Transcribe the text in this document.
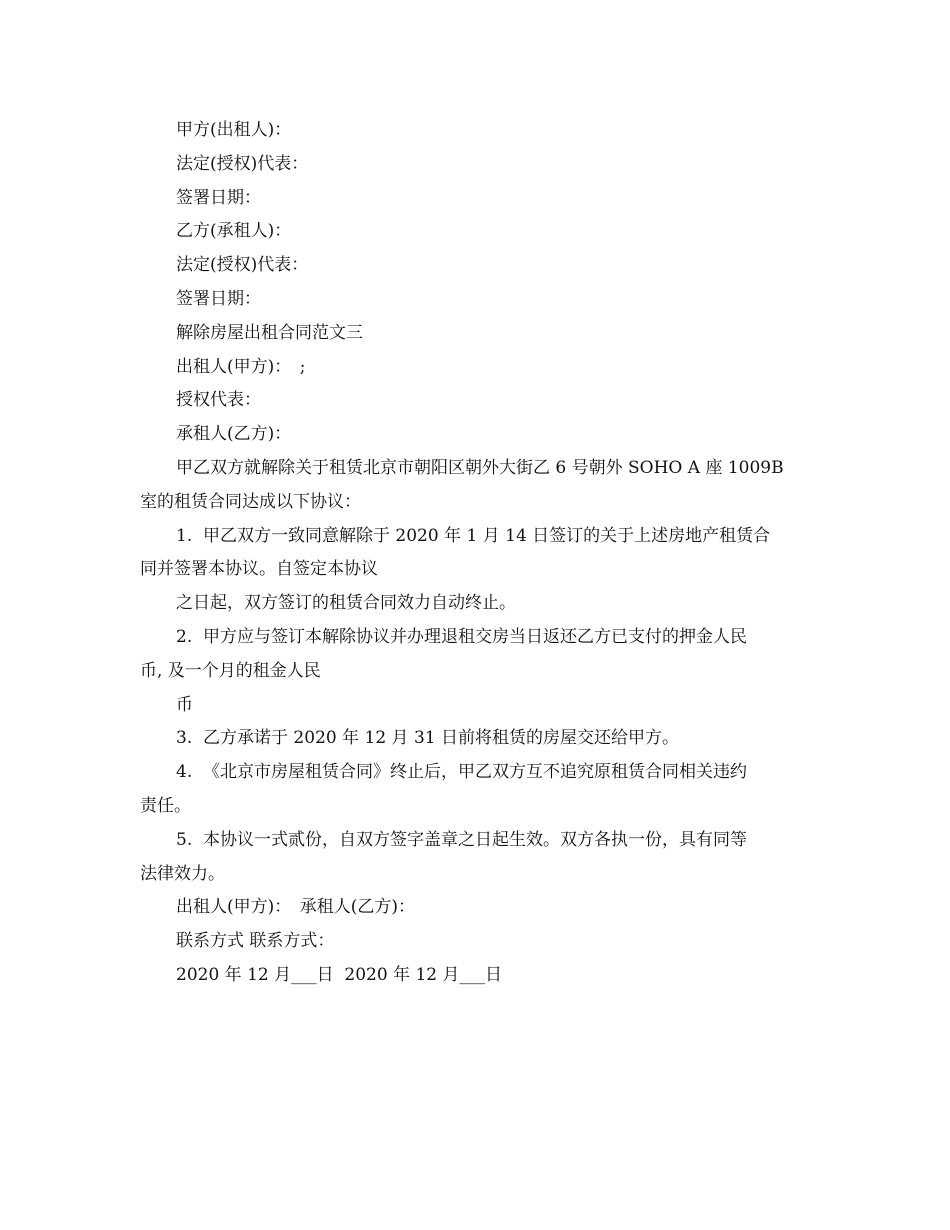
甲方(出租人)：

法定(授权)代表：

签署日期：

乙方(承租人)：

法定(授权)代表：

签署日期：

解除房屋出租合同范文三

出租人(甲方)：　;

授权代表：

承租人(乙方)：

甲乙双方就解除关于租赁北京市朝阳区朝外大街乙 6 号朝外 SOHO A 座 1009B

室的租赁合同达成以下协议：

1.  甲乙双方一致同意解除于 2020 年 1 月 14 日签订的关于上述房地产租赁合

同并签署本协议。自签定本协议

之日起，双方签订的租赁合同效力自动终止。

2.  甲方应与签订本解除协议并办理退租交房当日返还乙方已支付的押金人民

币, 及一个月的租金人民

币

3.  乙方承诺于 2020 年 12 月 31 日前将租赁的房屋交还给甲方。

4.  《北京市房屋租赁合同》终止后，甲乙双方互不追究原租赁合同相关违约

责任。

5.  本协议一式贰份，自双方签字盖章之日起生效。双方各执一份，具有同等

法律效力。

出租人(甲方)：　承租人(乙方)：

联系方式 联系方式：

2020 年 12 月___日  2020 年 12 月___日
